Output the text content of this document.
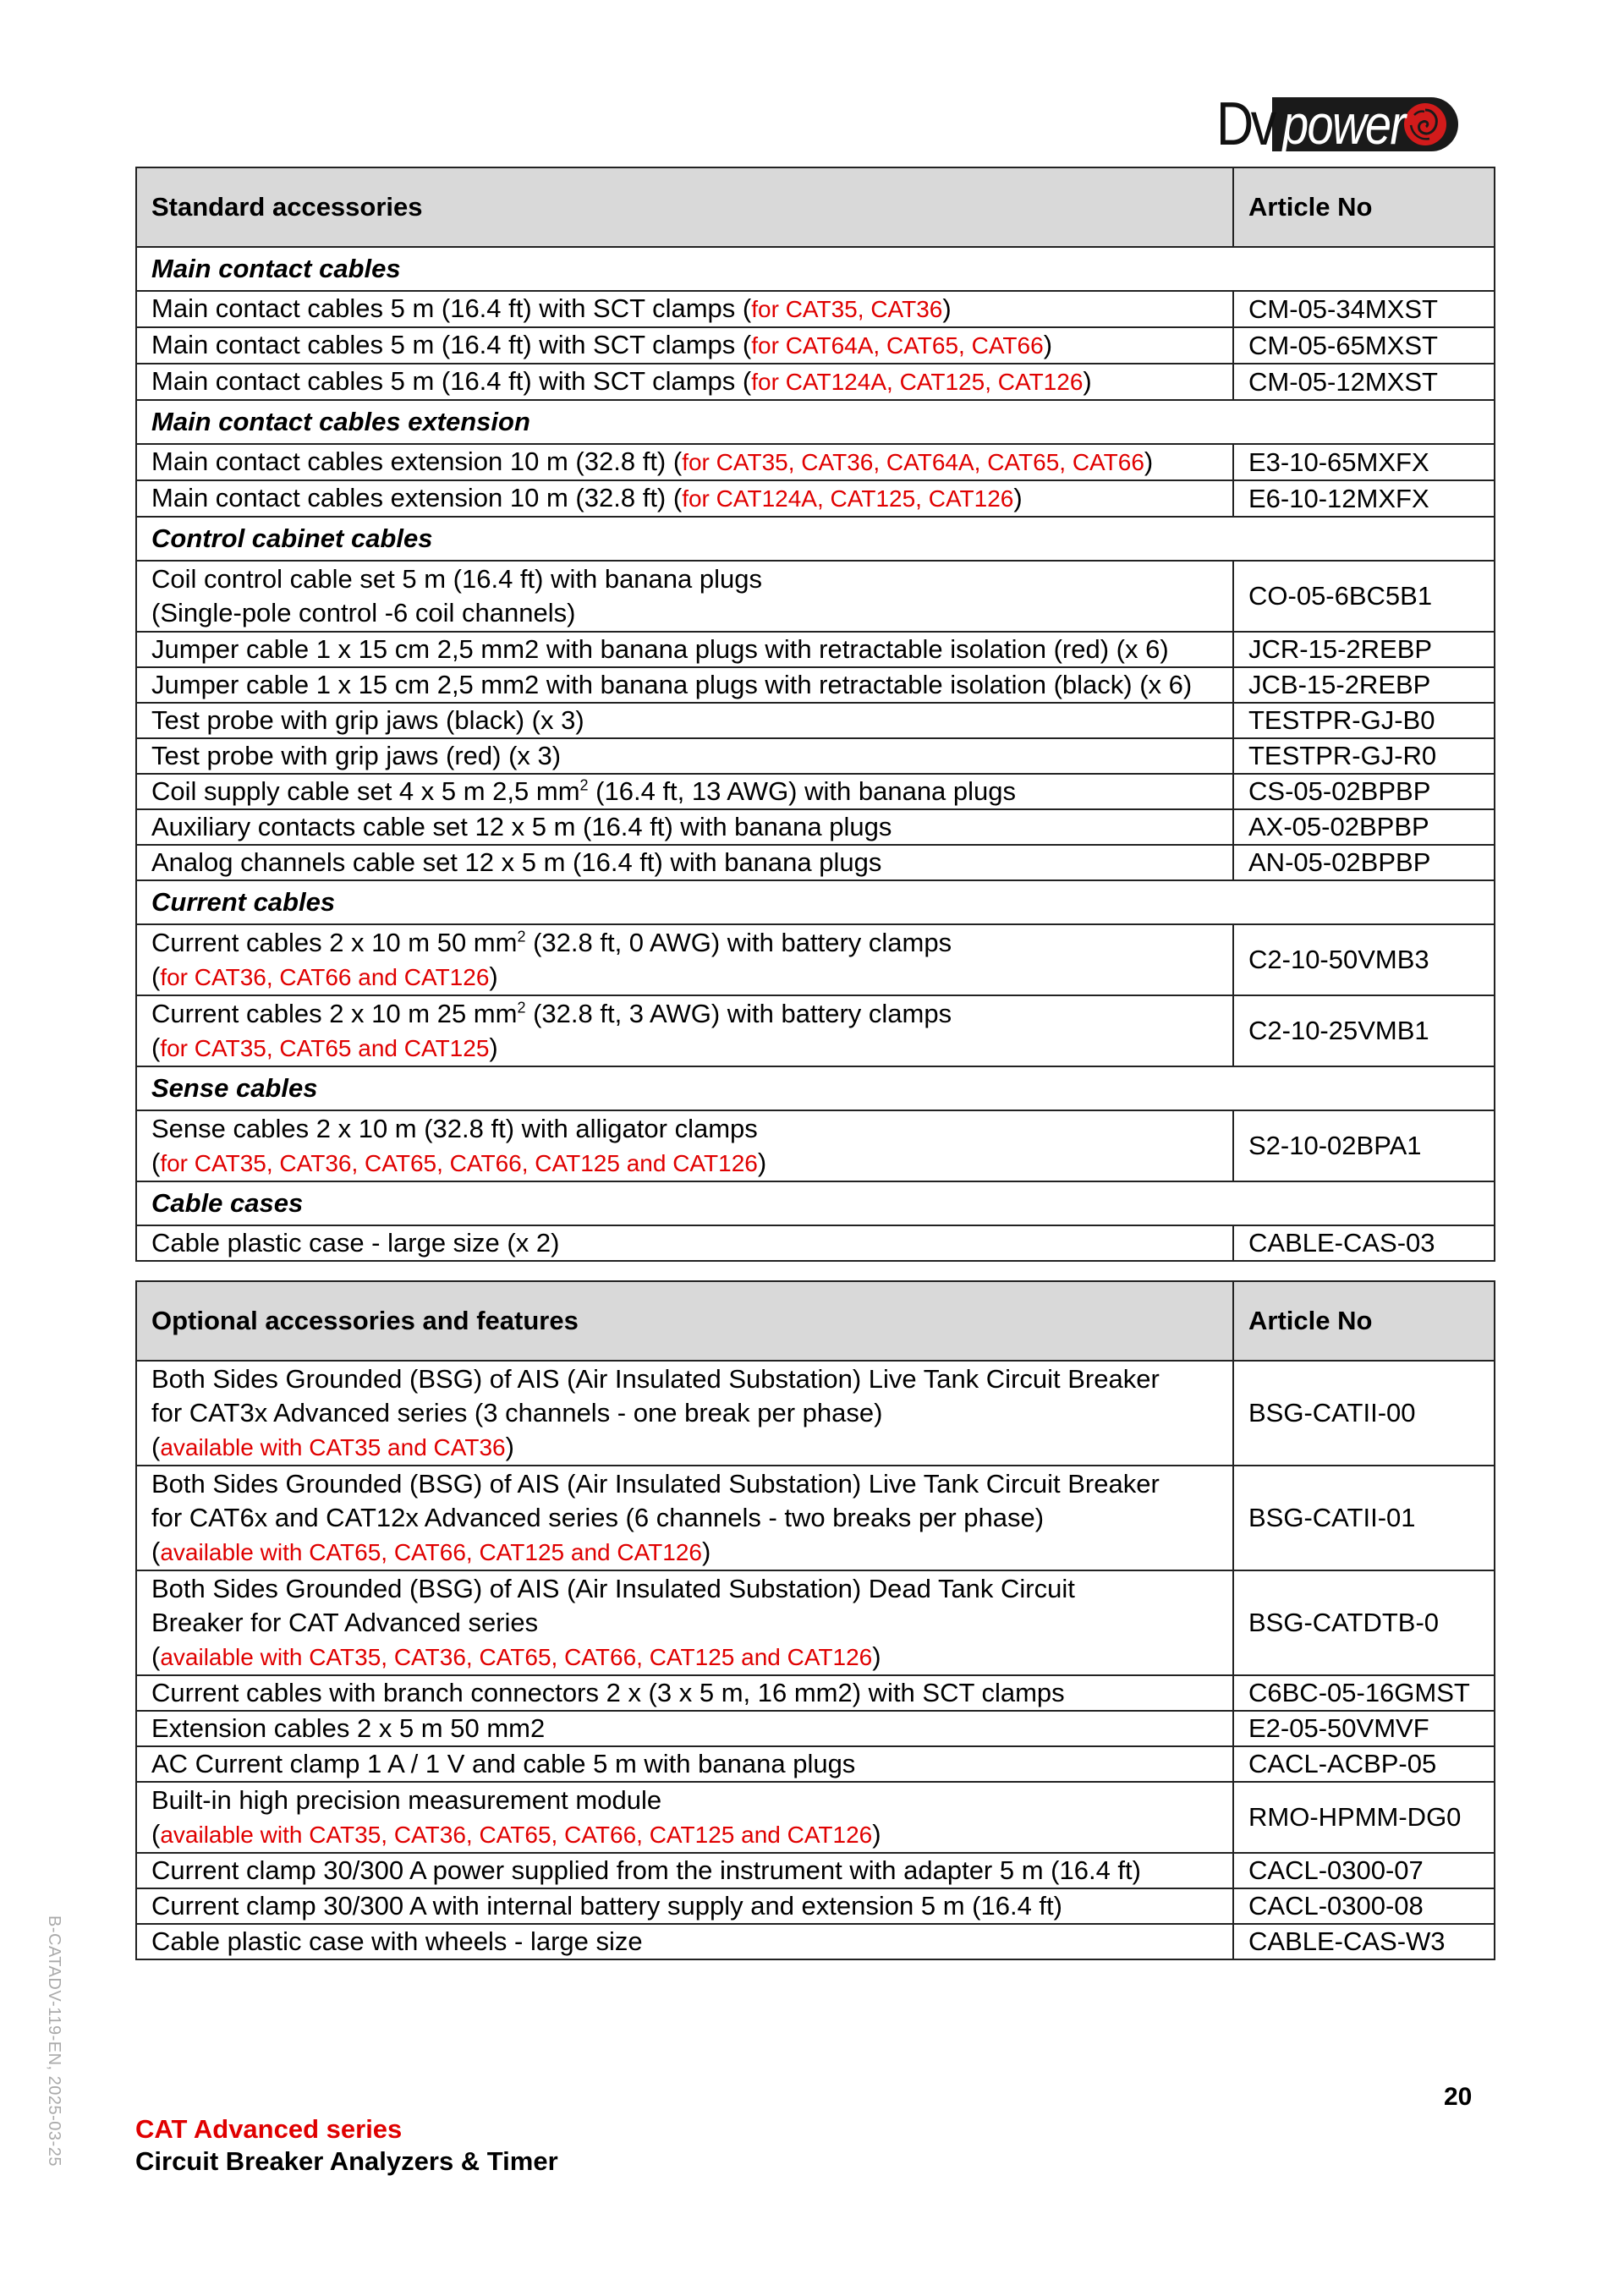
Dv power
Standard accessories	Article No
Main contact cables	

Main contact cables 5 m (16.4 ft) with SCT clamps (for CAT35, CAT36)	CM-05-34MXST

Main contact cables 5 m (16.4 ft) with SCT clamps (for CAT64A, CAT65, CAT66)	CM-05-65MXST

Main contact cables 5 m (16.4 ft) with SCT clamps (for CAT124A, CAT125, CAT126)	CM-05-12MXST
Main contact cables extension	

Main contact cables extension 10 m (32.8 ft) (for CAT35, CAT36, CAT64A, CAT65, CAT66)	E3-10-65MXFX

Main contact cables extension 10 m (32.8 ft) (for CAT124A, CAT125, CAT126)	E6-10-12MXFX
Control cabinet cables	

Coil control cable set 5 m (16.4 ft) with banana plugs
(Single-pole control -6 coil channels)	CO-05-6BC5B1

Jumper cable 1 x 15 cm 2,5 mm2 with banana plugs with retractable isolation (red) (x 6)	JCR-15-2REBP

Jumper cable 1 x 15 cm 2,5 mm2 with banana plugs with retractable isolation (black) (x 6)	JCB-15-2REBP

Test probe with grip jaws (black) (x 3)	TESTPR-GJ-B0

Test probe with grip jaws (red) (x 3)	TESTPR-GJ-R0

Coil supply cable set 4 x 5 m 2,5 $mm^2$ (16.4 ft, 13 AWG) with banana plugs	CS-05-02BPBP

Auxiliary contacts cable set 12 x 5 m (16.4 ft) with banana plugs	AX-05-02BPBP

Analog channels cable set 12 x 5 m (16.4 ft) with banana plugs	AN-05-02BPBP
Current cables	

Current cables 2 x 10 m 50 $mm^2$ (32.8 ft, 0 AWG) with battery clamps
(for CAT36, CAT66 and CAT126)	C2-10-50VMB3

Current cables 2 x 10 m 25 $mm^2$ (32.8 ft, 3 AWG) with battery clamps
(for CAT35, CAT65 and CAT125)	C2-10-25VMB1
Sense cables	

Sense cables 2 x 10 m (32.8 ft) with alligator clamps
(for CAT35, CAT36, CAT65, CAT66, CAT125 and CAT126)	S2-10-02BPA1
Cable cases	

Cable plastic case - large size (x 2)	CABLE-CAS-03
Optional accessories and features	Article No

Both Sides Grounded (BSG) of AIS (Air Insulated Substation) Live Tank Circuit Breaker
for CAT3x Advanced series (3 channels - one break per phase)
(available with CAT35 and CAT36)	BSG-CATII-00

Both Sides Grounded (BSG) of AIS (Air Insulated Substation) Live Tank Circuit Breaker
for CAT6x and CAT12x Advanced series (6 channels - two breaks per phase)
(available with CAT65, CAT66, CAT125 and CAT126)	BSG-CATII-01

Both Sides Grounded (BSG) of AIS (Air Insulated Substation) Dead Tank Circuit
Breaker for CAT Advanced series
(available with CAT35, CAT36, CAT65, CAT66, CAT125 and CAT126)	BSG-CATDTB-0

Current cables with branch connectors 2 x (3 x 5 m, 16 mm2) with SCT clamps	C6BC-05-16GMST

Extension cables 2 x 5 m 50 mm2	E2-05-50VMVF

AC Current clamp 1 A / 1 V and cable 5 m with banana plugs	CACL-ACBP-05

Built-in high precision measurement module
(available with CAT35, CAT36, CAT65, CAT66, CAT125 and CAT126)	RMO-HPMM-DG0

Current clamp 30/300 A power supplied from the instrument with adapter 5 m (16.4 ft)	CACL-0300-07

Current clamp 30/300 A with internal battery supply and extension 5 m (16.4 ft)	CACL-0300-08

Cable plastic case with wheels - large size	CABLE-CAS-W3
B-CATADV-119-EN, 2025-03-25	20
CAT Advanced series
Circuit Breaker Analyzers & Timer
